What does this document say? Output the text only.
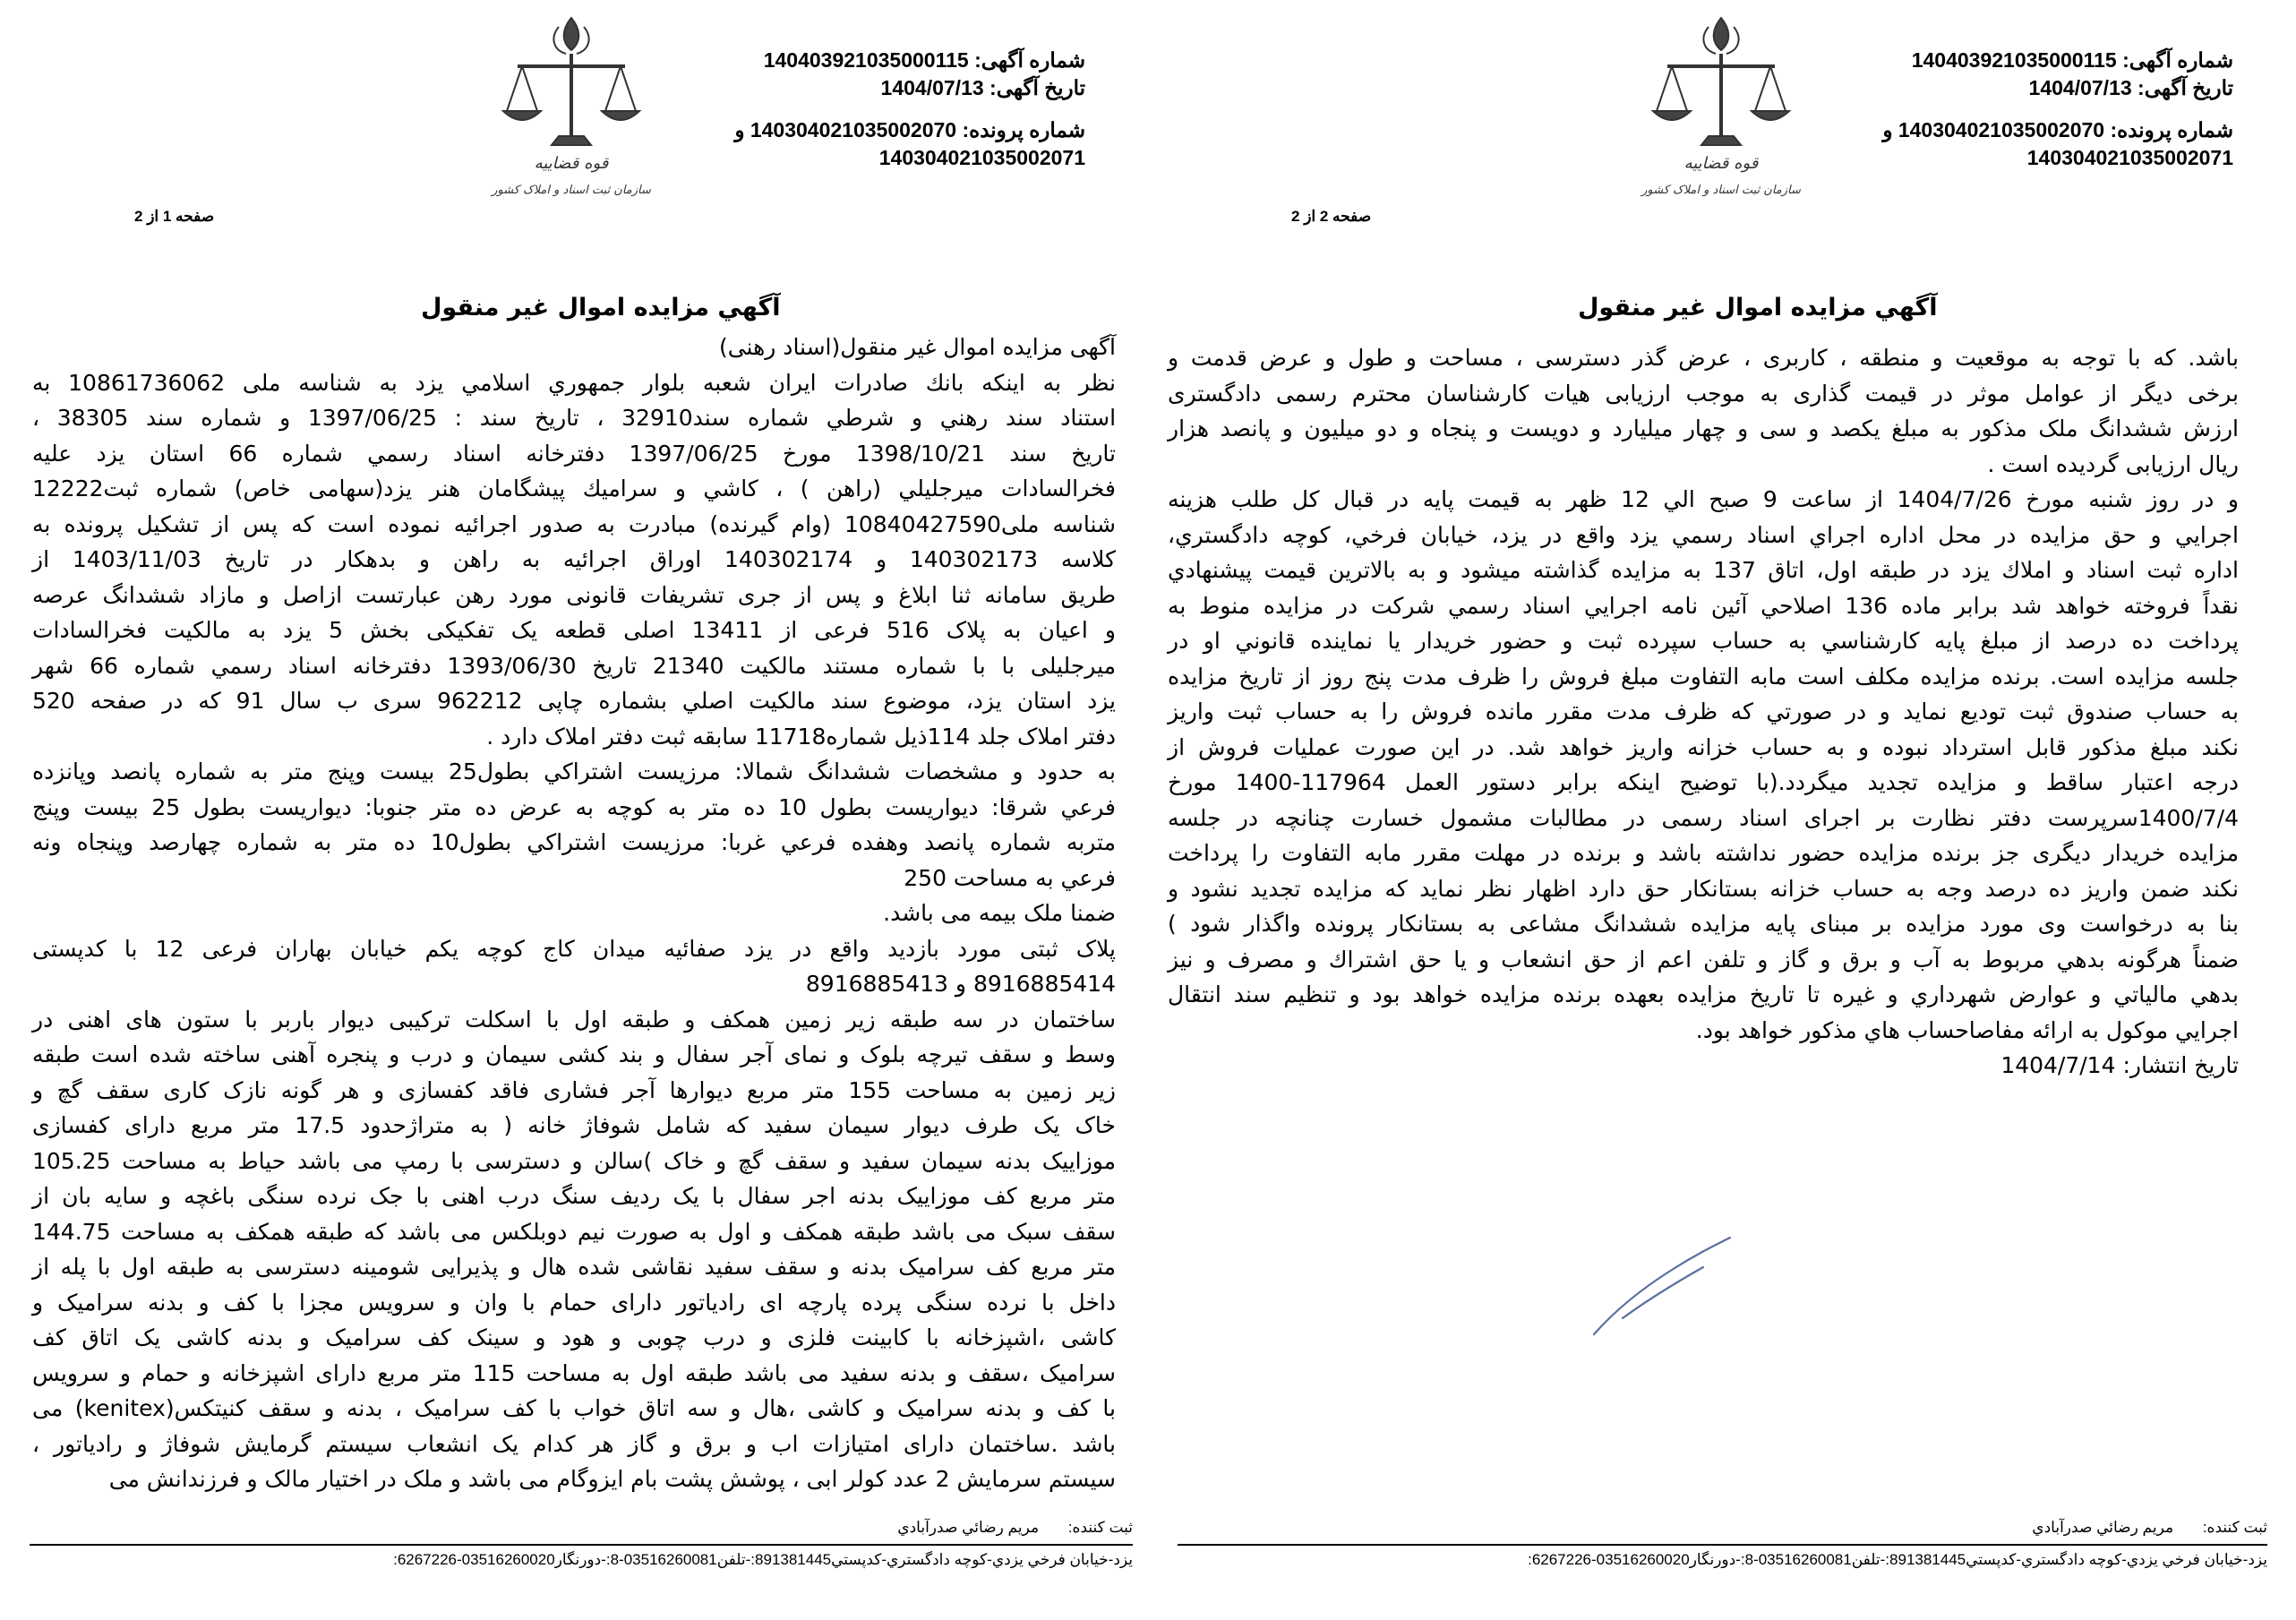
قوه قضاییه
سازمان ثبت اسناد و املاک کشور
شماره آگهی: 140403921035000115
تاریخ آگهی: 1404/07/13
شماره پرونده: 140304021035002070 و
140304021035002071
صفحه 1 از 2
آگهي مزايده اموال غير منقول
آگهی مزایده اموال غیر منقول(اسناد رهنی)
نظر به اينكه بانك صادرات ايران شعبه بلوار جمهوري اسلامي يزد به شناسه ملی 10861736062 به
استناد سند رهني و شرطي شماره سند32910 ، تاريخ سند : 1397/06/25 و شماره سند 38305 ،
تاريخ سند 1398/10/21 مورخ 1397/06/25 دفترخانه اسناد رسمي شماره 66 استان يزد عليه
فخرالسادات ميرجليلي (راهن ) ، كاشي و سراميك پيشگامان هنر يزد(سهامی خاص) شماره ثبت12222
شناسه ملی10840427590 (وام گيرنده) مبادرت به صدور اجرائيه نموده است كه پس از تشكيل پرونده به
كلاسه 140302173 و 140302174 اوراق اجرائيه به راهن و بدهكار در تاريخ 1403/11/03 از
طريق سامانه ثنا ابلاغ و پس از جری تشريفات قانونی مورد رهن عبارتست ازاصل و مازاد ششدانگ عرصه
و اعيان به پلاک 516 فرعی از 13411 اصلی قطعه يک تفکيکی بخش 5 يزد به مالکيت فخرالسادات
ميرجليلی با با شماره مستند مالکيت 21340 تاريخ 1393/06/30 دفترخانه اسناد رسمي شماره 66 شهر
يزد استان يزد، موضوع سند مالکيت اصلي بشماره چاپی 962212 سری ب سال 91 که در صفحه 520
دفتر املاک جلد 114ذيل شماره11718 سابقه ثبت دفتر املاک دارد .
به حدود و مشخصات ششدانگ شمالا: مرزيست اشتراكي بطول25 بيست وپنج متر به شماره پانصد وپانزده
فرعي شرقا: ديواريست بطول 10 ده متر به كوچه به عرض ده متر جنوبا: ديواريست بطول 25 بيست وپنج
متربه شماره پانصد وهفده فرعي غربا: مرزيست اشتراكي بطول10 ده متر به شماره چهارصد وپنجاه ونه
فرعي به مساحت 250
ضمنا ملک بيمه می باشد.
پلاک ثبتی مورد بازديد واقع در يزد صفائيه ميدان كاج كوچه يكم خيابان بهاران فرعی 12 با كدپستی
8916885414 و 8916885413
ساختمان در سه طبقه زير زمين همکف و طبقه اول با اسکلت ترکيبی ديوار باربر با ستون های اهنی در
وسط و سقف تيرچه بلوک و نمای آجر سفال و بند کشی سيمان و درب و پنجره آهنی ساخته شده است طبقه
زير زمين به مساحت 155 متر مربع ديوارها آجر فشاری فاقد کفسازی و هر گونه نازک کاری سقف گچ و
خاک يک طرف ديوار سيمان سفيد که شامل شوفاژ خانه ( به متراژحدود 17.5 متر مربع دارای کفسازی
موزاييک بدنه سيمان سفيد و سقف گچ و خاک )سالن و دسترسی با رمپ می باشد حياط به مساحت 105.25
متر مربع کف موزاييک بدنه اجر سفال با يک رديف سنگ درب اهنی با جک نرده سنگی باغچه و سايه بان از
سقف سبک می باشد طبقه همکف و اول به صورت نيم دوبلکس می باشد که طبقه همکف به مساحت 144.75
متر مربع کف سراميک بدنه و سقف سفيد نقاشی شده هال و پذيرايی شومينه دسترسی به طبقه اول با پله از
داخل با نرده سنگی پرده پارچه ای رادياتور دارای حمام با وان و سرويس مجزا با کف و بدنه سراميک و
کاشی ،اشپزخانه با کابينت فلزی و درب چوبی و هود و سينک کف سراميک و بدنه کاشی يک اتاق کف
سراميک ،سقف و بدنه سفيد می باشد طبقه اول به مساحت 115 متر مربع دارای اشپزخانه و حمام و سرويس
با کف و بدنه سراميک و کاشی ،هال و سه اتاق خواب با کف سراميک ، بدنه و سقف کنيتکس(kenitex) می
باشد .ساختمان دارای امتيازات اب و برق و گاز هر کدام يک انشعاب سيستم گرمايش شوفاژ و رادياتور ،
سيستم سرمايش 2 عدد کولر ابی ، پوشش پشت بام ايزوگام می باشد و ملک در اختيار مالک و فرزندانش می
ثبت کننده: مریم رضائي صدرآبادي
یزد-خیابان فرخي یزدي-کوچه دادگستري-کدپستي891381445:-تلفن03516260081-8:-دورنگار03516260020-6267226:
قوه قضاییه
سازمان ثبت اسناد و املاک کشور
شماره آگهی: 140403921035000115
تاریخ آگهی: 1404/07/13
شماره پرونده: 140304021035002070 و
140304021035002071
صفحه 2 از 2
آگهي مزايده اموال غير منقول
باشد. که با توجه به موقعيت و منطقه ، کاربری ، عرض گذر دسترسی ، مساحت و طول و عرض قدمت و
برخی ديگر از عوامل موثر در قيمت گذاری به موجب ارزيابی هيات کارشناسان محترم رسمی دادگستری
ارزش ششدانگ ملک مذکور به مبلغ يکصد و سی و چهار ميليارد و دويست و پنجاه و دو ميليون و پانصد هزار
ريال ارزيابی گرديده است .
و در روز شنبه مورخ 1404/7/26 از ساعت 9 صبح الي 12 ظهر به قيمت پايه در قبال كل طلب هزينه
اجرايي و حق مزايده در محل اداره اجراي اسناد رسمي يزد واقع در يزد، خيابان فرخي، كوچه دادگستري،
اداره ثبت اسناد و املاك يزد در طبقه اول، اتاق 137 به مزايده گذاشته ميشود و به بالاترين قيمت پيشنهادي
نقداً فروخته خواهد شد برابر ماده 136 اصلاحي آئين نامه اجرايي اسناد رسمي شركت در مزايده منوط به
پرداخت ده درصد از مبلغ پايه كارشناسي به حساب سپرده ثبت و حضور خريدار يا نماينده قانوني او در
جلسه مزايده است. برنده مزايده مكلف است مابه التفاوت مبلغ فروش را ظرف مدت پنج روز از تاريخ مزايده
به حساب صندوق ثبت توديع نمايد و در صورتي كه ظرف مدت مقرر مانده فروش را به حساب ثبت واريز
نكند مبلغ مذكور قابل استرداد نبوده و به حساب خزانه واريز خواهد شد. در اين صورت عمليات فروش از
درجه اعتبار ساقط و مزايده تجديد ميگردد.(با توضيح اينكه برابر دستور العمل 117964-1400 مورخ
1400/7/4سرپرست دفتر نظارت بر اجرای اسناد رسمی در مطالبات مشمول خسارت چنانچه در جلسه
مزايده خريدار ديگری جز برنده مزايده حضور نداشته باشد و برنده در مهلت مقرر مابه التفاوت را پرداخت
نكند ضمن واريز ده درصد وجه به حساب خزانه بستانكار حق دارد اظهار نظر نمايد كه مزايده تجديد نشود و
بنا به درخواست وی مورد مزايده بر مبنای پايه مزايده ششدانگ مشاعی به بستانكار پرونده واگذار شود )
ضمناً هرگونه بدهي مربوط به آب و برق و گاز و تلفن اعم از حق انشعاب و يا حق اشتراك و مصرف و نيز
بدهي مالياتي و عوارض شهرداري و غيره تا تاريخ مزايده بعهده برنده مزايده خواهد بود و تنظيم سند انتقال
اجرايي موكول به ارائه مفاصاحساب هاي مذكور خواهد بود.
تاريخ انتشار: 1404/7/14
ثبت کننده: مریم رضائي صدرآبادي
یزد-خیابان فرخي یزدي-کوچه دادگستري-کدپستي891381445:-تلفن03516260081-8:-دورنگار03516260020-6267226:
